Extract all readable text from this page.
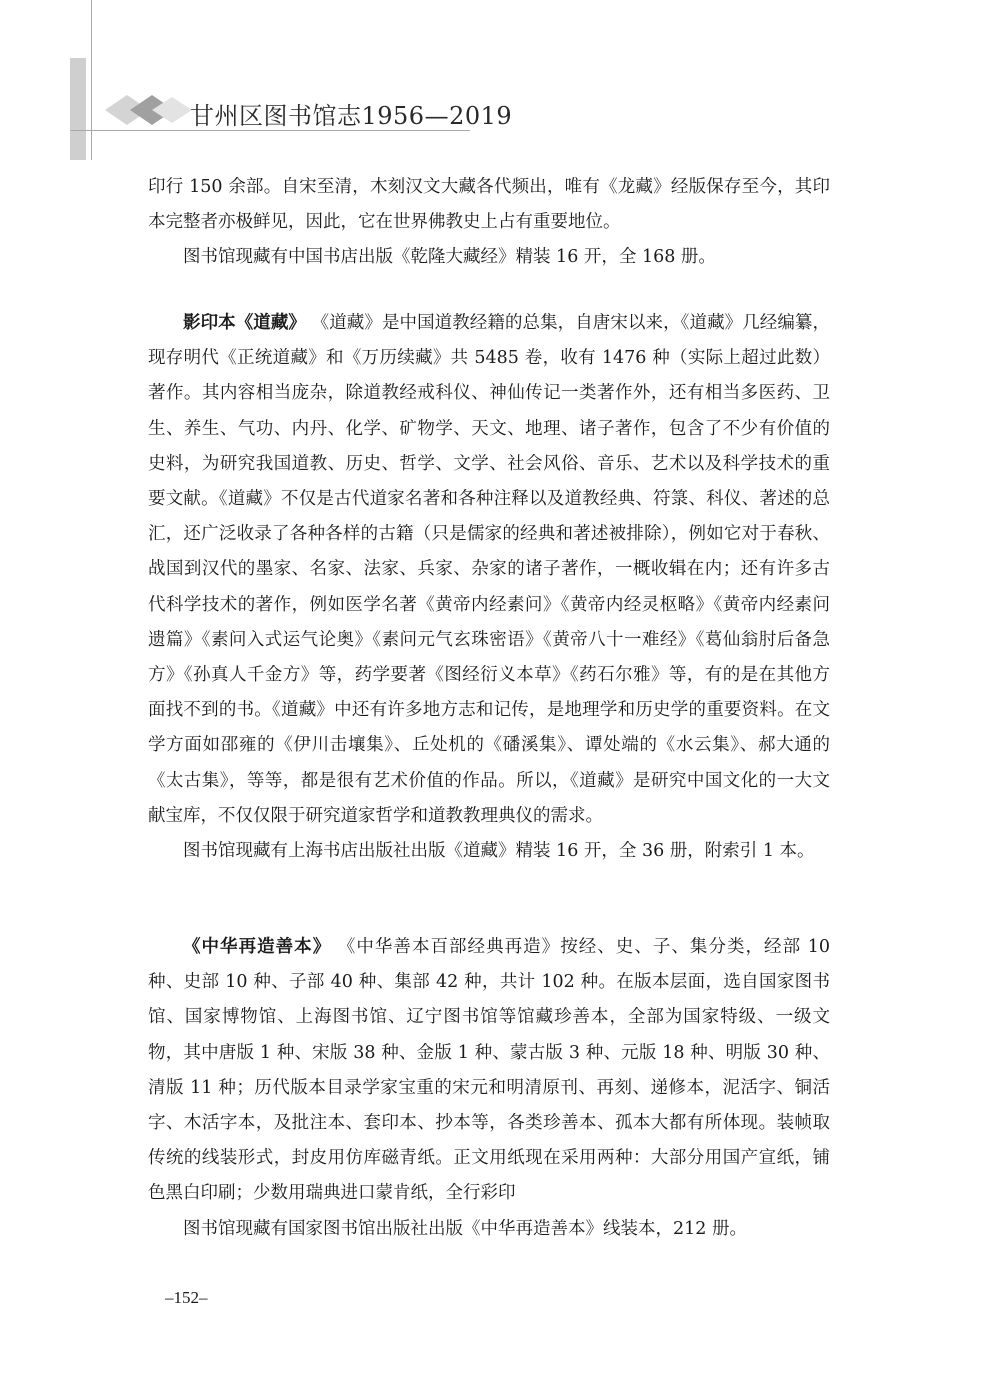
甘州区图书馆志1956—2019

印行 150 余部。自宋至清，木刻汉文大藏各代频出，唯有《龙藏》经版保存至今，其印本完整者亦极鲜见，因此，它在世界佛教史上占有重要地位。

图书馆现藏有中国书店出版《乾隆大藏经》精装 16 开，全 168 册。

影印本《道藏》 《道藏》是中国道教经籍的总集，自唐宋以来，《道藏》几经编纂，现存明代《正统道藏》和《万历续藏》共 5485 卷，收有 1476 种（实际上超过此数）著作。其内容相当庞杂，除道教经戒科仪、神仙传记一类著作外，还有相当多医药、卫生、养生、气功、内丹、化学、矿物学、天文、地理、诸子著作，包含了不少有价值的史料，为研究我国道教、历史、哲学、文学、社会风俗、音乐、艺术以及科学技术的重要文献。《道藏》不仅是古代道家名著和各种注释以及道教经典、符箓、科仪、著述的总汇，还广泛收录了各种各样的古籍（只是儒家的经典和著述被排除），例如它对于春秋、战国到汉代的墨家、名家、法家、兵家、杂家的诸子著作，一概收辑在内；还有许多古代科学技术的著作，例如医学名著《黄帝内经素问》《黄帝内经灵枢略》《黄帝内经素问遗篇》《素问入式运气论奥》《素问元气玄珠密语》《黄帝八十一难经》《葛仙翁肘后备急方》《孙真人千金方》等，药学要著《图经衍义本草》《药石尔雅》等，有的是在其他方面找不到的书。《道藏》中还有许多地方志和记传，是地理学和历史学的重要资料。在文学方面如邵雍的《伊川击壤集》、丘处机的《磻溪集》、谭处端的《水云集》、郝大通的《太古集》，等等，都是很有艺术价值的作品。所以，《道藏》是研究中国文化的一大文献宝库，不仅仅限于研究道家哲学和道教教理典仪的需求。

图书馆现藏有上海书店出版社出版《道藏》精装 16 开，全 36 册，附索引 1 本。

《中华再造善本》 《中华善本百部经典再造》按经、史、子、集分类，经部 10 种、史部 10 种、子部 40 种、集部 42 种，共计 102 种。在版本层面，选自国家图书馆、国家博物馆、上海图书馆、辽宁图书馆等馆藏珍善本，全部为国家特级、一级文物，其中唐版 1 种、宋版 38 种、金版 1 种、蒙古版 3 种、元版 18 种、明版 30 种、清版 11 种；历代版本目录学家宝重的宋元和明清原刊、再刻、递修本，泥活字、铜活字、木活字本，及批注本、套印本、抄本等，各类珍善本、孤本大都有所体现。装帧取传统的线装形式，封皮用仿库磁青纸。正文用纸现在采用两种：大部分用国产宣纸，铺色黑白印刷；少数用瑞典进口蒙肯纸，全行彩印

图书馆现藏有国家图书馆出版社出版《中华再造善本》线装本，212 册。

–152–
